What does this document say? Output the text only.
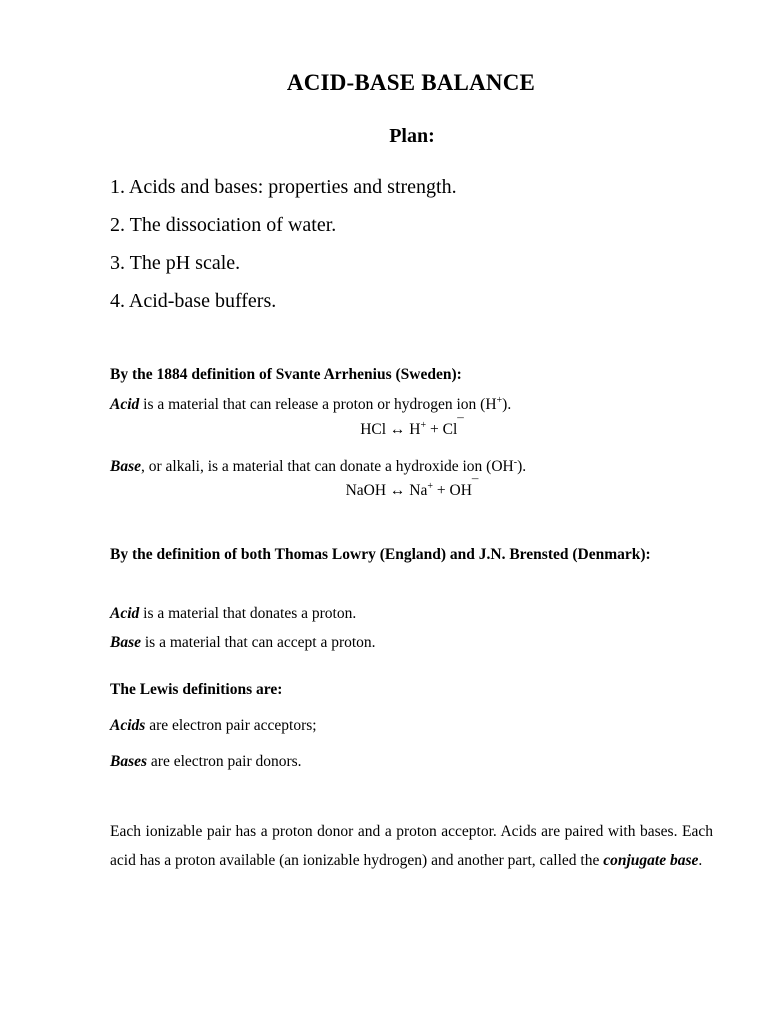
ACID-BASE BALANCE
Plan:
1. Acids and bases: properties and strength.
2. The dissociation of water.
3. The pH scale.
4. Acid-base buffers.
By the 1884 definition of Svante Arrhenius (Sweden):
Acid is a material that can release a proton or hydrogen ion (H+).
HCl ↔ H+ + Cl¯
Base, or alkali, is a material that can donate a hydroxide ion (OH-).
NaOH ↔ Na+ + OH¯
By the definition of both Thomas Lowry (England) and J.N. Brensted (Denmark):
Acid is a material that donates a proton.
Base is a material that can accept a proton.
The Lewis definitions are:
Acids are electron pair acceptors;
Bases are electron pair donors.
Each ionizable pair has a proton donor and a proton acceptor. Acids are paired with bases. Each acid has a proton available (an ionizable hydrogen) and another part, called the conjugate base.
